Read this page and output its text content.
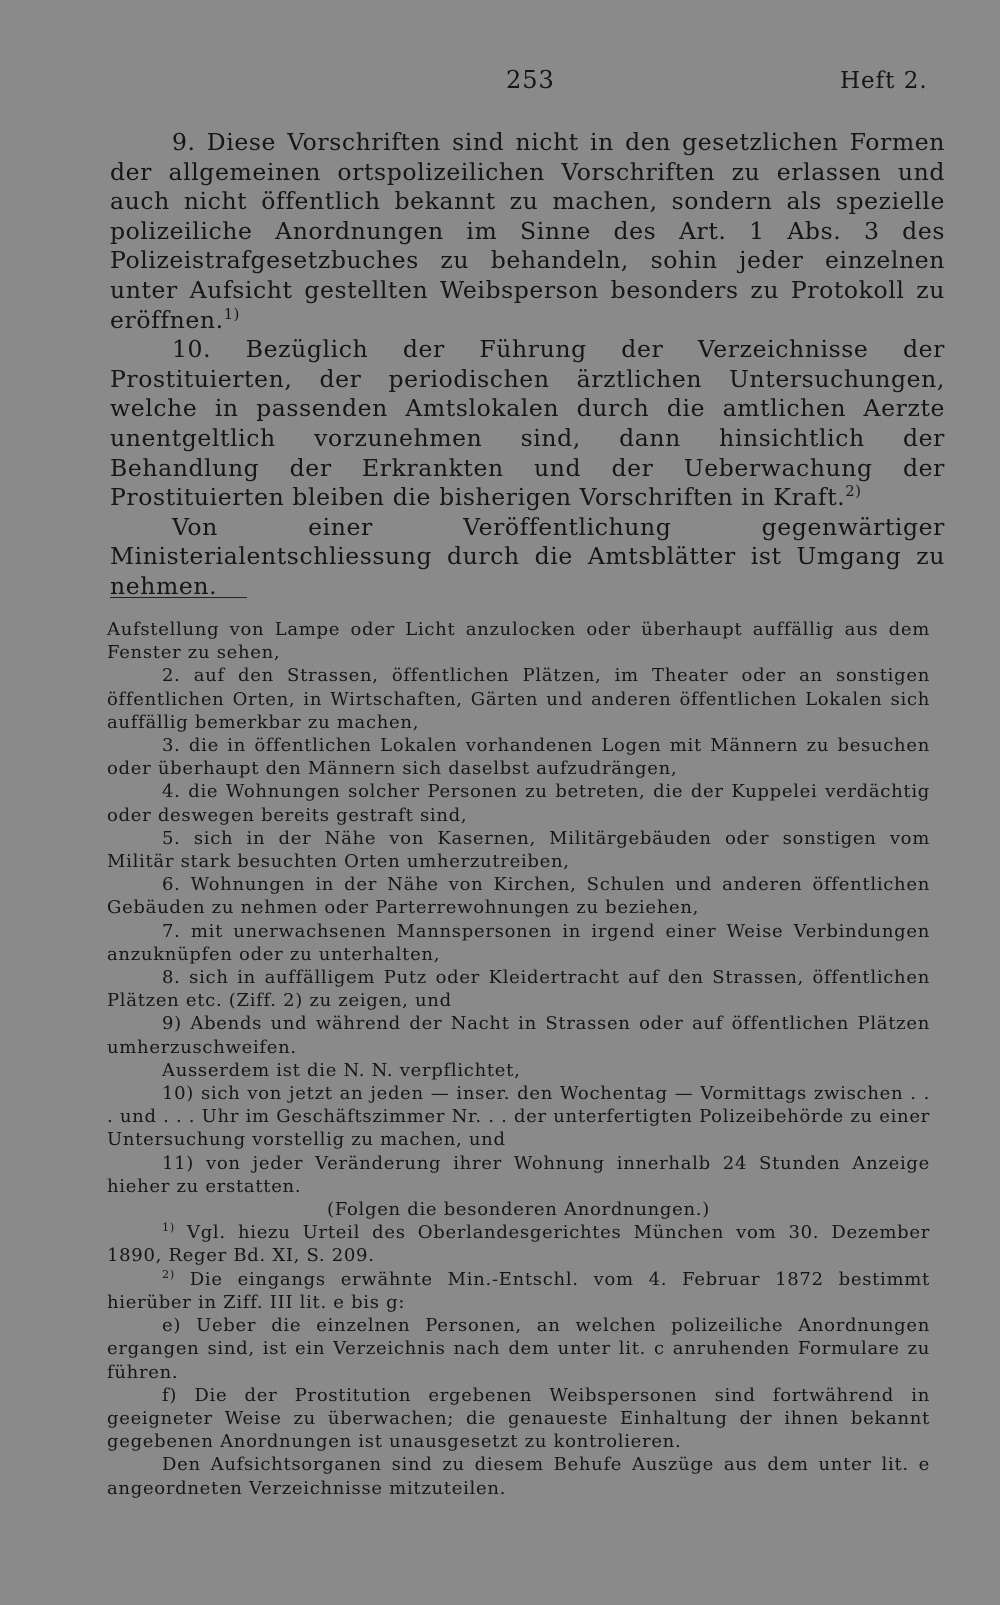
253	Heft 2.

9. Diese Vorschriften sind nicht in den gesetzlichen Formen der allgemeinen ortspolizeilichen Vorschriften zu erlassen und auch nicht öffentlich bekannt zu machen, sondern als spezielle polizeiliche Anordnungen im Sinne des Art. 1 Abs. 3 des Polizeistrafgesetzbuches zu behandeln, sohin jeder einzelnen unter Aufsicht gestellten Weibsperson besonders zu Protokoll zu eröffnen.$^{1)}$

10. Bezüglich der Führung der Verzeichnisse der Prostituierten, der periodischen ärztlichen Untersuchungen, welche in passenden Amtslokalen durch die amtlichen Aerzte unentgeltlich vorzunehmen sind, dann hinsichtlich der Behandlung der Erkrankten und der Ueberwachung der Prostituierten bleiben die bisherigen Vorschriften in Kraft.$^{2)}$

Von einer Veröffentlichung gegenwärtiger Ministerialentschliessung durch die Amtsblätter ist Umgang zu nehmen.

Aufstellung von Lampe oder Licht anzulocken oder überhaupt auffällig aus dem Fenster zu sehen,

2. auf den Strassen, öffentlichen Plätzen, im Theater oder an sonstigen öffentlichen Orten, in Wirtschaften, Gärten und anderen öffentlichen Lokalen sich auffällig bemerkbar zu machen,

3. die in öffentlichen Lokalen vorhandenen Logen mit Männern zu besuchen oder überhaupt den Männern sich daselbst aufzudrängen,

4. die Wohnungen solcher Personen zu betreten, die der Kuppelei verdächtig oder deswegen bereits gestraft sind,

5. sich in der Nähe von Kasernen, Militärgebäuden oder sonstigen vom Militär stark besuchten Orten umherzutreiben,

6. Wohnungen in der Nähe von Kirchen, Schulen und anderen öffentlichen Gebäuden zu nehmen oder Parterrewohnungen zu beziehen,

7. mit unerwachsenen Mannspersonen in irgend einer Weise Verbindungen anzuknüpfen oder zu unterhalten,

8. sich in auffälligem Putz oder Kleidertracht auf den Strassen, öffentlichen Plätzen etc. (Ziff. 2) zu zeigen, und

9) Abends und während der Nacht in Strassen oder auf öffentlichen Plätzen umherzuschweifen.

Ausserdem ist die N. N. verpflichtet,

10) sich von jetzt an jeden — inser. den Wochentag — Vormittags zwischen . . . und . . . Uhr im Geschäftszimmer Nr. . . der unterfertigten Polizeibehörde zu einer Untersuchung vorstellig zu machen, und

11) von jeder Veränderung ihrer Wohnung innerhalb 24 Stunden Anzeige hieher zu erstatten.

(Folgen die besonderen Anordnungen.)

$^{1)}$ Vgl. hiezu Urteil des Oberlandesgerichtes München vom 30. Dezember 1890, Reger Bd. XI, S. 209.

$^{2)}$ Die eingangs erwähnte Min.-Entschl. vom 4. Februar 1872 bestimmt hierüber in Ziff. III lit. e bis g:

e) Ueber die einzelnen Personen, an welchen polizeiliche Anordnungen ergangen sind, ist ein Verzeichnis nach dem unter lit. c anruhenden Formulare zu führen.

f) Die der Prostitution ergebenen Weibspersonen sind fortwährend in geeigneter Weise zu überwachen; die genaueste Einhaltung der ihnen bekannt gegebenen Anordnungen ist unausgesetzt zu kontrolieren.

Den Aufsichtsorganen sind zu diesem Behufe Auszüge aus dem unter lit. e angeordneten Verzeichnisse mitzuteilen.
